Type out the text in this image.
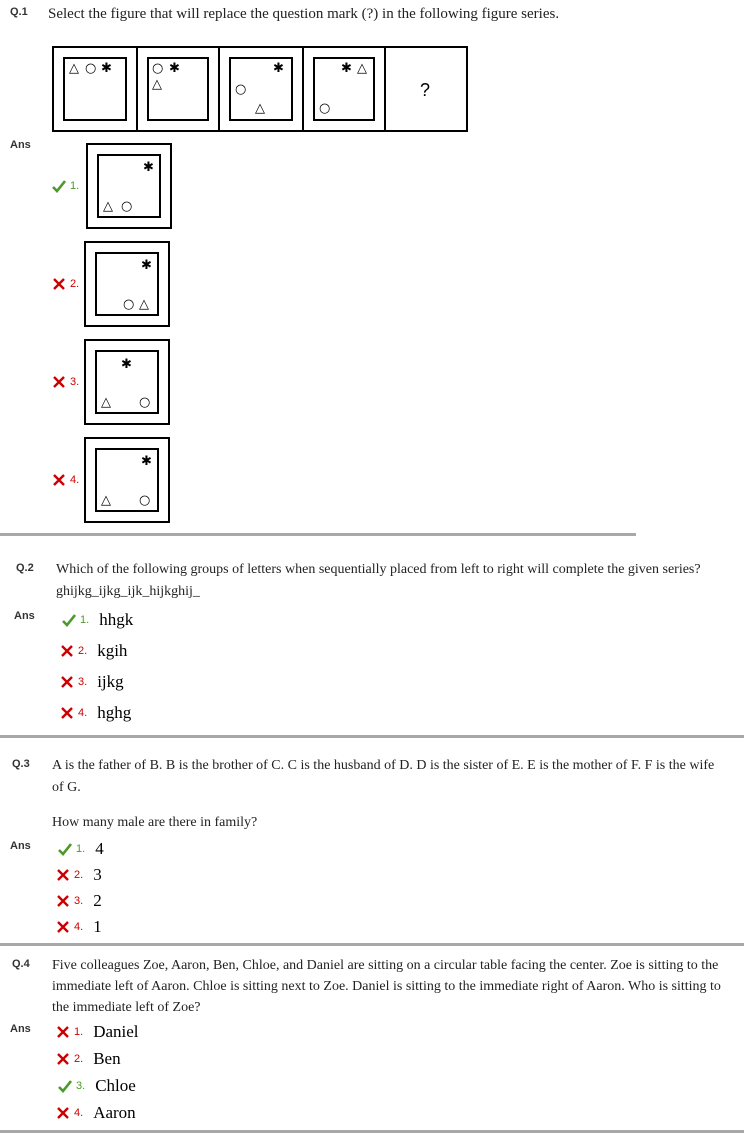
Q.1 Select the figure that will replace the question mark (?) in the following figure series.
△ ○ ✱	○ ✱
△
✱
○
△
✱ △
○
?
Ans
1.
✱
△ ○
2.
✱
○ △
3.
✱
△ ○
4.
✱
△ ○
Q.2 Which of the following groups of letters when sequentially placed from left to right will complete the given series?
ghijkg_ijkg_ijk_hijkghij_
Ans	1. hhgk
2. kgih
3. ijkg
4. hghg
Q.3 A is the father of B. B is the brother of C. C is the husband of D. D is the sister of E. E is the mother of F. F is the wife
of G.
How many male are there in family?
Ans	1. 4
2. 3
3. 2
4. 1
Q.4 Five colleagues Zoe, Aaron, Ben, Chloe, and Daniel are sitting on a circular table facing the center. Zoe is sitting to the
immediate left of Aaron. Chloe is sitting next to Zoe. Daniel is sitting to the immediate right of Aaron. Who is sitting to
the immediate left of Zoe?
Ans	1. Daniel
2. Ben
3. Chloe
4. Aaron
